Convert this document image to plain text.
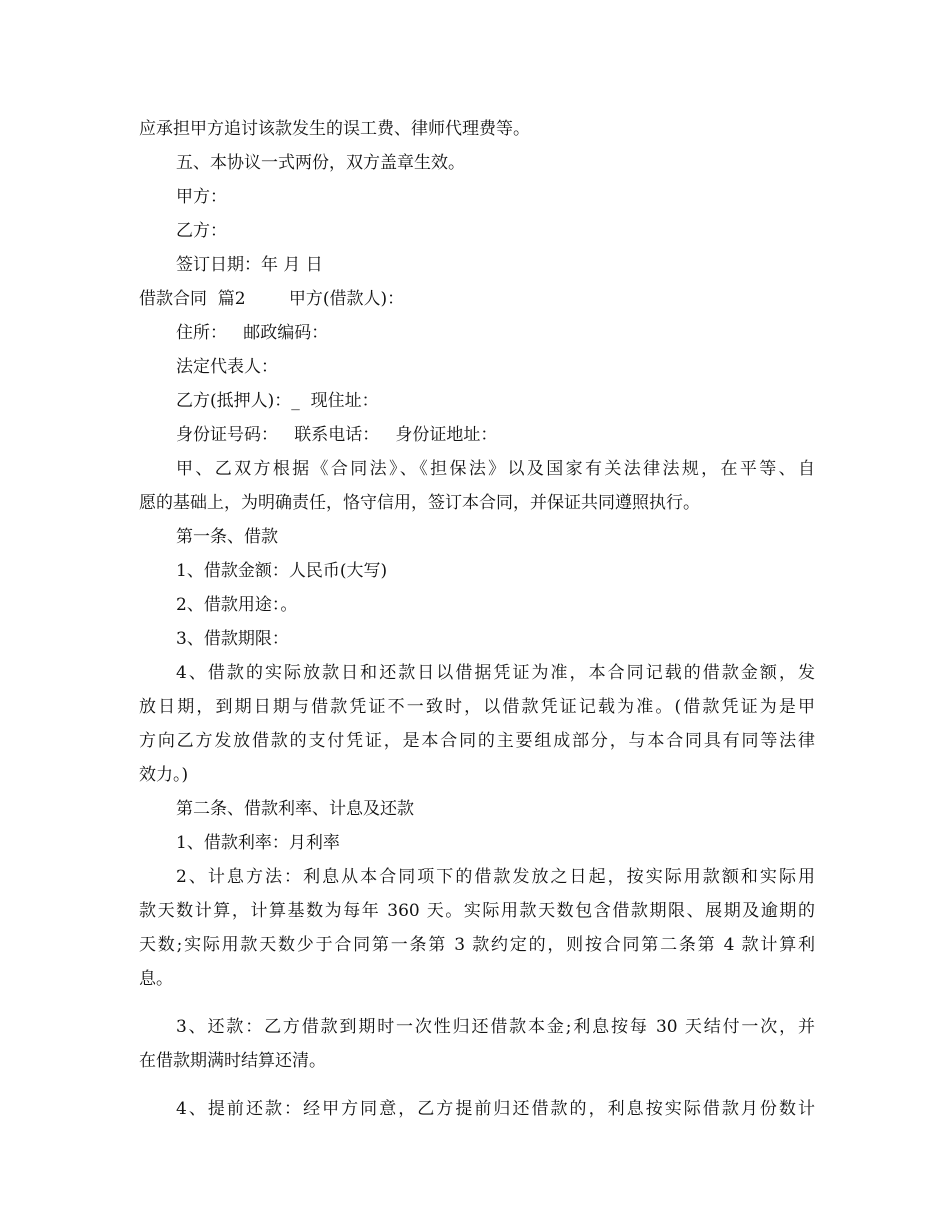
应承担甲方追讨该款发生的误工费、律师代理费等。
五、本协议一式两份，双方盖章生效。
甲方：
乙方：
签订日期：年 月 日
借款合同  篇2        甲方(借款人)：
住所：   邮政编码：
法定代表人：
乙方(抵押人)：_  现住址：
身份证号码：   联系电话：   身份证地址：
甲、乙双方根据《合同法》、《担保法》以及国家有关法律法规，在平等、自
愿的基础上，为明确责任，恪守信用，签订本合同，并保证共同遵照执行。
第一条、借款
1、借款金额：人民币(大写)
2、借款用途：。
3、借款期限：
4、借款的实际放款日和还款日以借据凭证为准，本合同记载的借款金额，发
放日期，到期日期与借款凭证不一致时，以借款凭证记载为准。(借款凭证为是甲
方向乙方发放借款的支付凭证，是本合同的主要组成部分，与本合同具有同等法律
效力。)
第二条、借款利率、计息及还款
1、借款利率：月利率
2、计息方法：利息从本合同项下的借款发放之日起，按实际用款额和实际用
款天数计算，计算基数为每年 360 天。实际用款天数包含借款期限、展期及逾期的
天数;实际用款天数少于合同第一条第 3 款约定的，则按合同第二条第 4 款计算利
息。
3、还款：乙方借款到期时一次性归还借款本金;利息按每 30 天结付一次，并
在借款期满时结算还清。
4、提前还款：经甲方同意，乙方提前归还借款的，利息按实际借款月份数计
